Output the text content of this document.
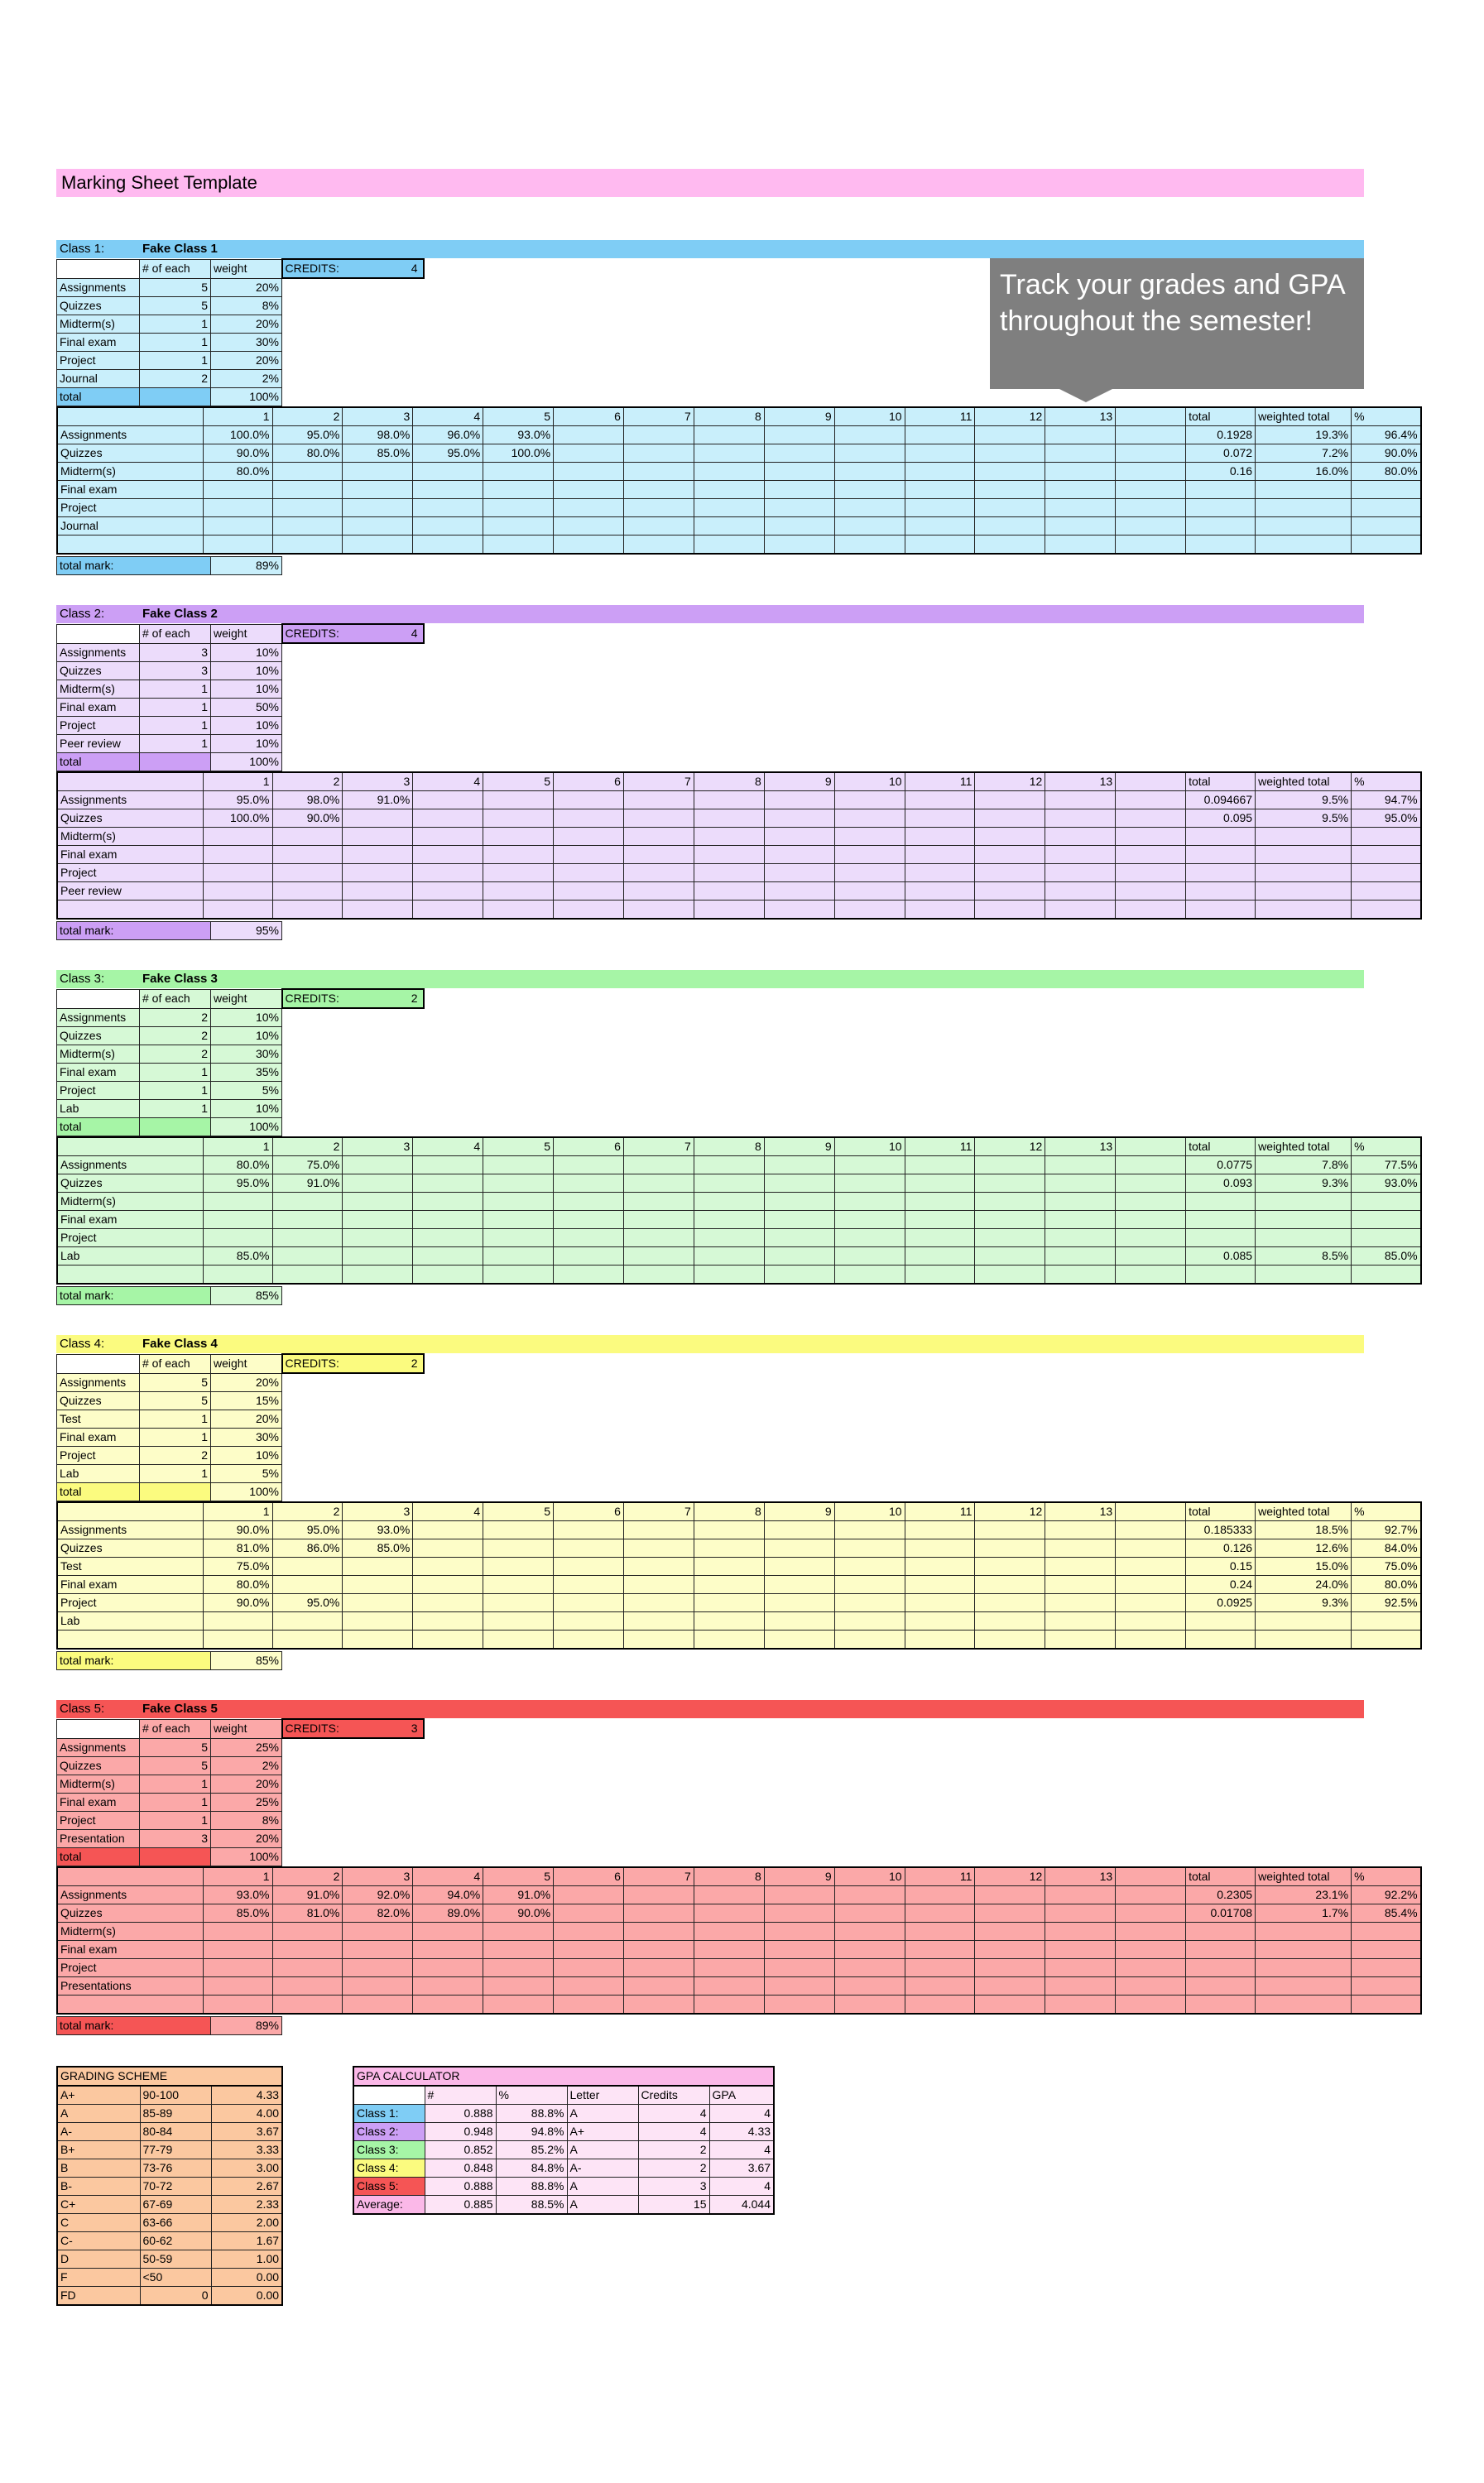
Marking Sheet Template
Track your grades and GPA throughout the semester!
Class 1:	Fake Class 1
	# of each	weight	CREDITS: 4

Assignments	5	20%	
Quizzes	5	8%	
Midterm(s)	1	20%	
Final exam	1	30%	
Project	1	20%	
Journal	2	2%	
total		100%	
	1	2	3	4	5	6	7	8	9	10	11	12	13		total	weighted total	%
Assignments	100.0%	95.0%	98.0%	96.0%	93.0%										0.1928	19.3%	96.4%
Quizzes	90.0%	80.0%	85.0%	95.0%	100.0%										0.072	7.2%	90.0%
Midterm(s)	80.0%														0.16	16.0%	80.0%
Final exam																	
Project																	
Journal																	

total mark:	89%
Class 2:	Fake Class 2
	# of each	weight	CREDITS: 4

Assignments	3	10%	
Quizzes	3	10%	
Midterm(s)	1	10%	
Final exam	1	50%	
Project	1	10%	
Peer review	1	10%	
total		100%	
	1	2	3	4	5	6	7	8	9	10	11	12	13		total	weighted total	%
Assignments	95.0%	98.0%	91.0%												0.094667	9.5%	94.7%
Quizzes	100.0%	90.0%													0.095	9.5%	95.0%
Midterm(s)																	
Final exam																	
Project																	
Peer review																	

total mark:	95%
Class 3:	Fake Class 3
	# of each	weight	CREDITS: 2

Assignments	2	10%	
Quizzes	2	10%	
Midterm(s)	2	30%	
Final exam	1	35%	
Project	1	5%	
Lab	1	10%	
total		100%	
	1	2	3	4	5	6	7	8	9	10	11	12	13		total	weighted total	%
Assignments	80.0%	75.0%													0.0775	7.8%	77.5%
Quizzes	95.0%	91.0%													0.093	9.3%	93.0%
Midterm(s)																	
Final exam																	
Project																	
Lab	85.0%														0.085	8.5%	85.0%

total mark:	85%
Class 4:	Fake Class 4
	# of each	weight	CREDITS: 2

Assignments	5	20%	
Quizzes	5	15%	
Test	1	20%	
Final exam	1	30%	
Project	2	10%	
Lab	1	5%	
total		100%	
	1	2	3	4	5	6	7	8	9	10	11	12	13		total	weighted total	%
Assignments	90.0%	95.0%	93.0%												0.185333	18.5%	92.7%
Quizzes	81.0%	86.0%	85.0%												0.126	12.6%	84.0%
Test	75.0%														0.15	15.0%	75.0%
Final exam	80.0%														0.24	24.0%	80.0%
Project	90.0%	95.0%													0.0925	9.3%	92.5%
Lab																	

total mark:	85%
Class 5:	Fake Class 5
	# of each	weight	CREDITS: 3

Assignments	5	25%	
Quizzes	5	2%	
Midterm(s)	1	20%	
Final exam	1	25%	
Project	1	8%	
Presentation	3	20%	
total		100%	
	1	2	3	4	5	6	7	8	9	10	11	12	13		total	weighted total	%
Assignments	93.0%	91.0%	92.0%	94.0%	91.0%										0.2305	23.1%	92.2%
Quizzes	85.0%	81.0%	82.0%	89.0%	90.0%										0.01708	1.7%	85.4%
Midterm(s)																	
Final exam																	
Project																	
Presentations																	

total mark:	89%
GRADING SCHEME		
A+	90-100	4.33
A	85-89	4.00
A-	80-84	3.67
B+	77-79	3.33
B	73-76	3.00
B-	70-72	2.67
C+	67-69	2.33
C	63-66	2.00
C-	60-62	1.67
D	50-59	1.00
F	<50	0.00
FD	0	0.00
GPA CALCULATOR					
	#	%	Letter	Credits	GPA
Class 1:	0.888	88.8%	A	4	4
Class 2:	0.948	94.8%	A+	4	4.33
Class 3:	0.852	85.2%	A	2	4
Class 4:	0.848	84.8%	A-	2	3.67
Class 5:	0.888	88.8%	A	3	4
Average:	0.885	88.5%	A	15	4.044
